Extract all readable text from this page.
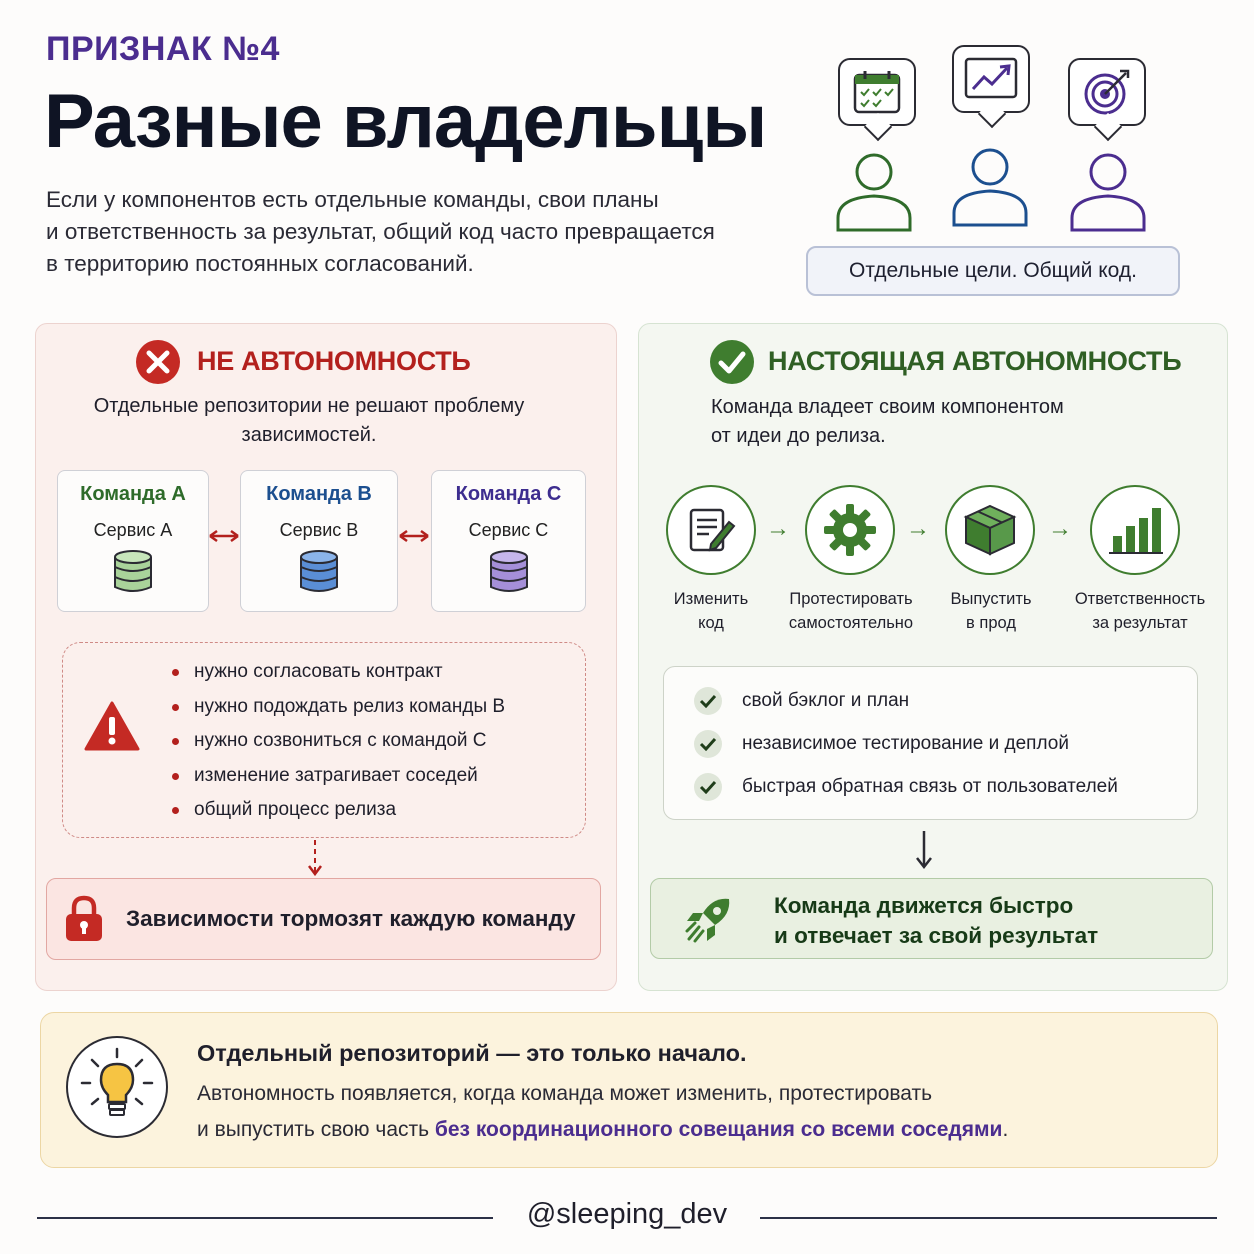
ПРИЗНАК №4
Разные владельцы
Если у компонентов есть отдельные команды, свои планы
и ответственность за результат, общий код часто превращается
в территорию постоянных согласований.	Отдельные цели. Общий код.
НЕ АВТОНОМНОСТЬ
Отдельные репозитории не решают проблему
зависимостей.
Команда А
Сервис А
Команда В
Сервис В
Команда С
Сервис С
нужно согласовать контракт
нужно подождать релиз команды В
нужно созвониться с командой С
изменение затрагивает соседей
общий процесс релиза
Зависимости тормозят каждую команду
НАСТОЯЩАЯ АВТОНОМНОСТЬ
Команда владеет своим компонентом
от идеи до релиза.
→	→	→
Изменить
код
Протестировать
самостоятельно
Выпустить
в прод
Ответственность
за результат
свой бэклог и план
независимое тестирование и деплой
быстрая обратная связь от пользователей
Команда движется быстро
и отвечает за свой результат
Отдельный репозиторий — это только начало.
Автономность появляется, когда команда может изменить, протестировать
и выпустить свою часть без координационного совещания со всеми соседями.
@sleeping_dev
